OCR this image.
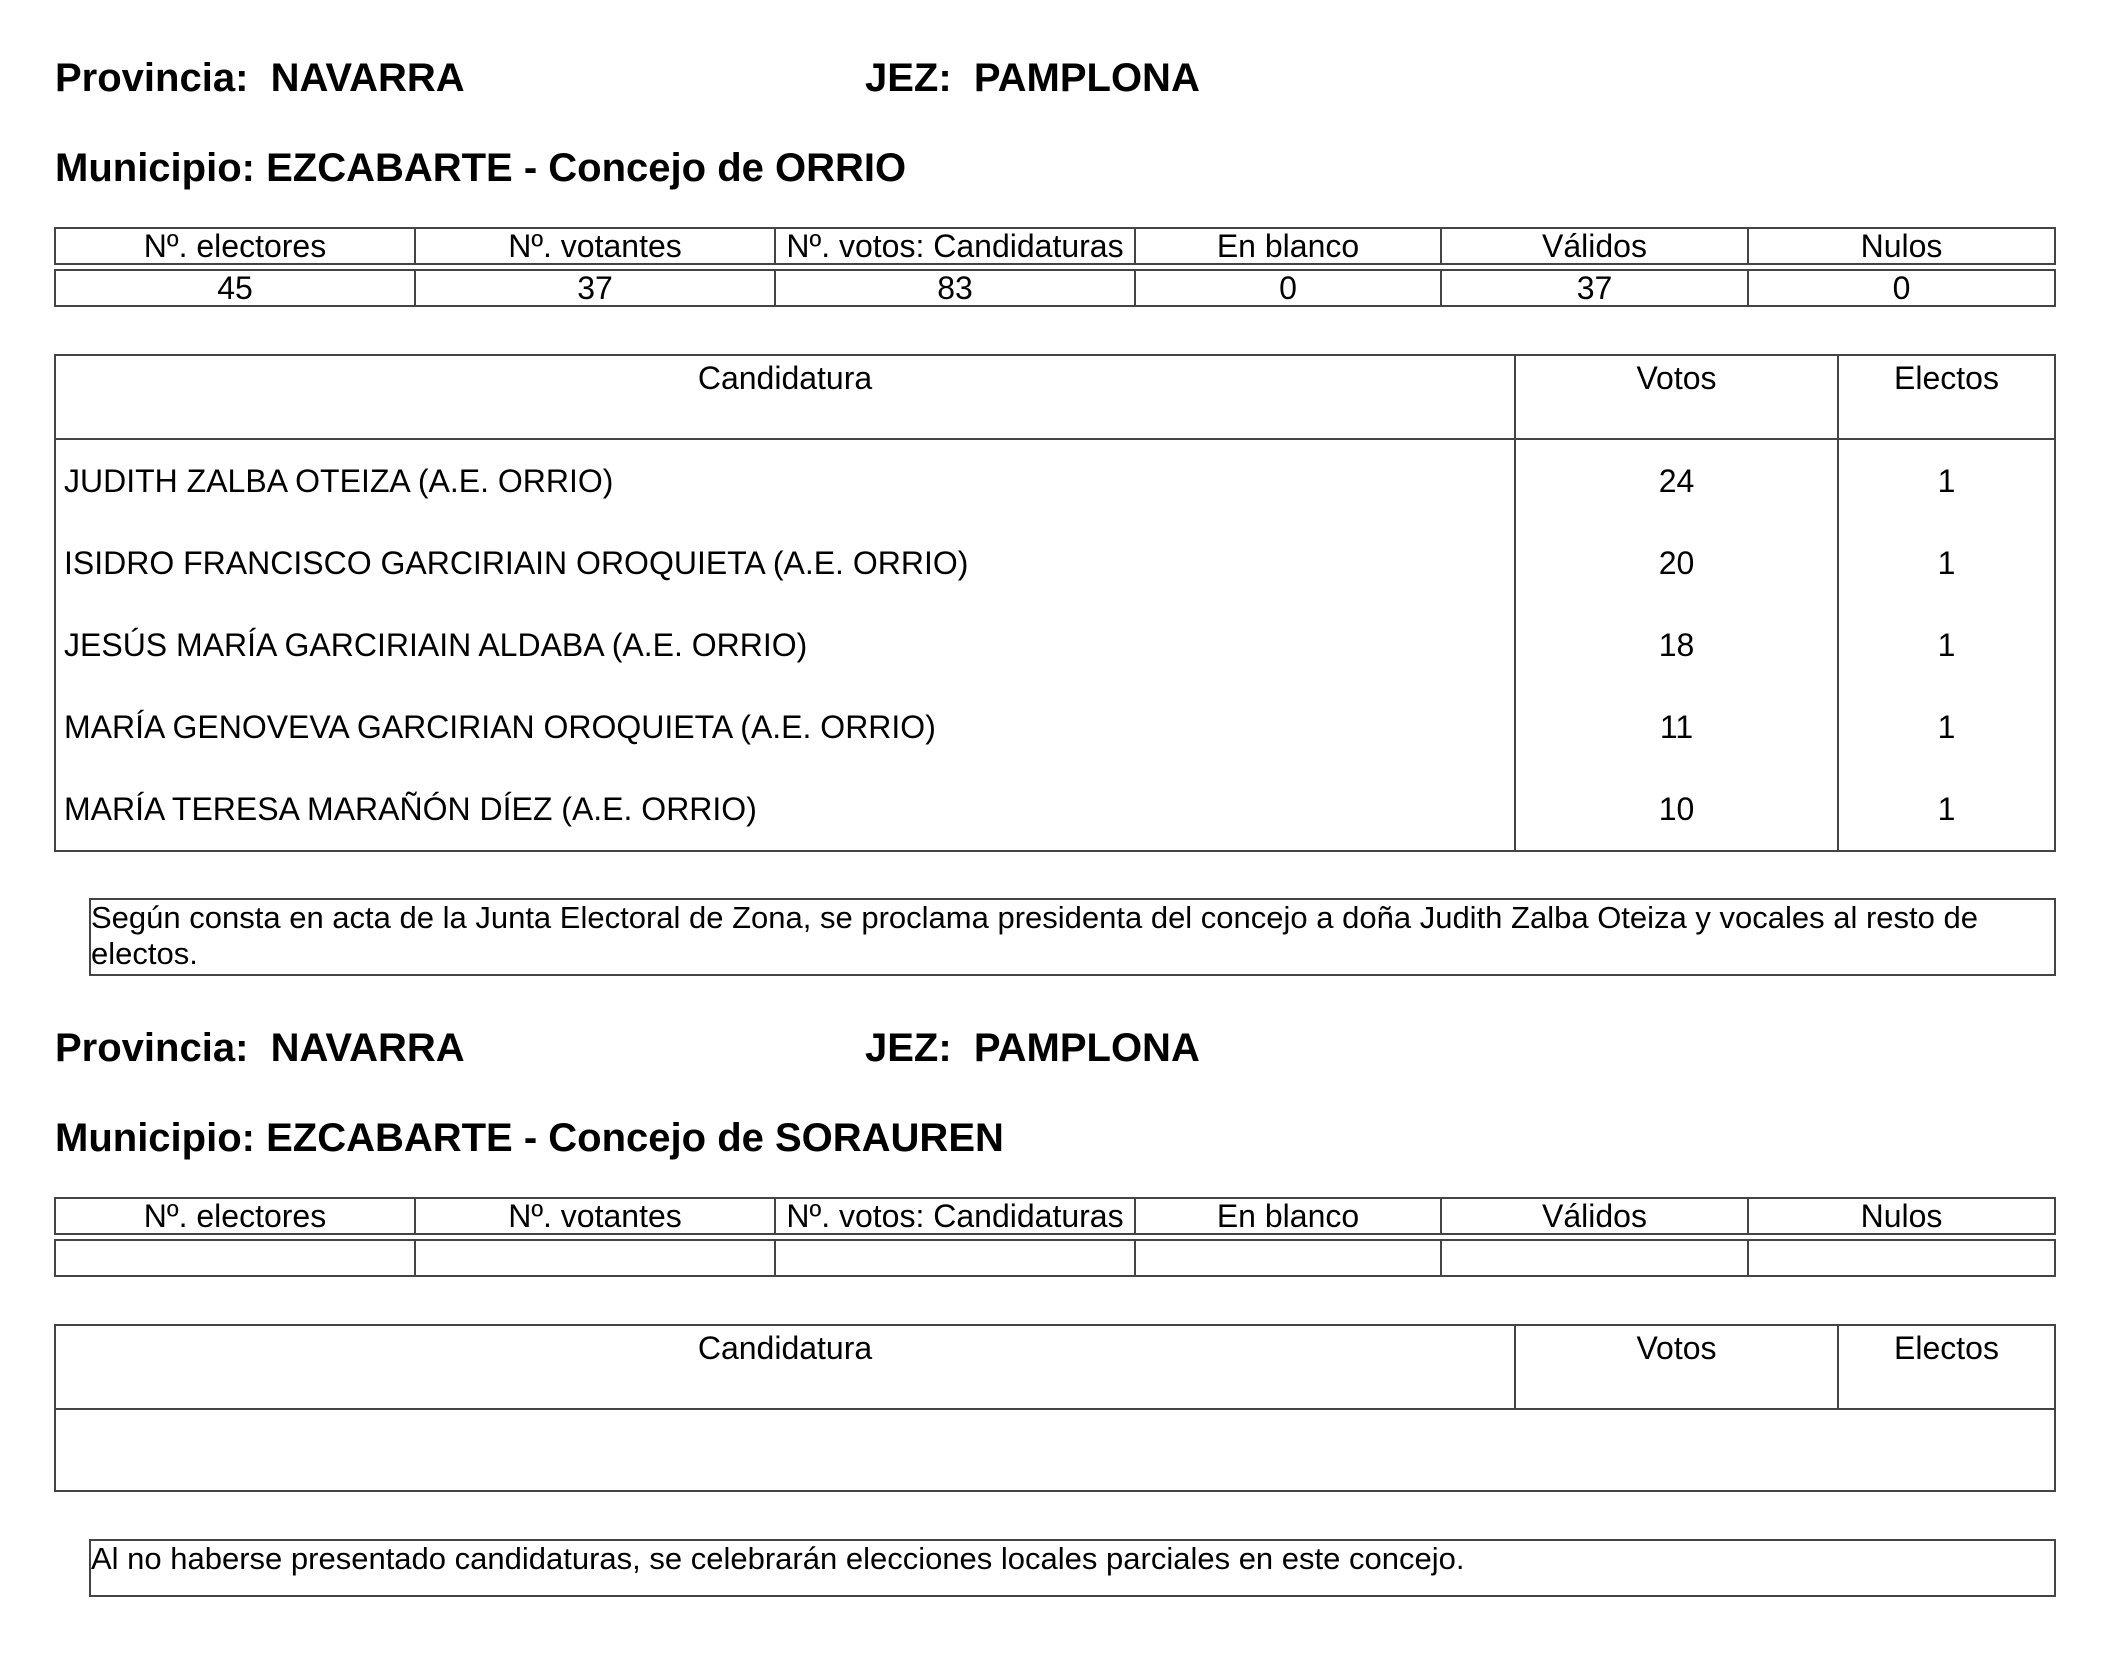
Provincia:  NAVARRA	JEZ:  PAMPLONA
Municipio: EZCABARTE - Concejo de ORRIO
Nº. electores	Nº. votantes	Nº. votos: Candidaturas	En blanco	Válidos	Nulos
45	37	83	0	37	0
Candidatura	Votos	Electos
JUDITH ZALBA OTEIZA (A.E. ORRIO)	24	1
ISIDRO FRANCISCO GARCIRIAIN OROQUIETA (A.E. ORRIO)	20	1
JESÚS MARÍA GARCIRIAIN ALDABA (A.E. ORRIO)	18	1
MARÍA GENOVEVA GARCIRIAN OROQUIETA (A.E. ORRIO)	11	1
MARÍA TERESA MARAÑÓN DÍEZ (A.E. ORRIO)	10	1
Según consta en acta de la Junta Electoral de Zona, se proclama presidenta del concejo a doña Judith Zalba Oteiza y vocales al resto de electos.
Provincia:  NAVARRA	JEZ:  PAMPLONA
Municipio: EZCABARTE - Concejo de SORAUREN
Nº. electores	Nº. votantes	Nº. votos: Candidaturas	En blanco	Válidos	Nulos

Candidatura	Votos	Electos

Al no haberse presentado candidaturas, se celebrarán elecciones locales parciales en este concejo.
